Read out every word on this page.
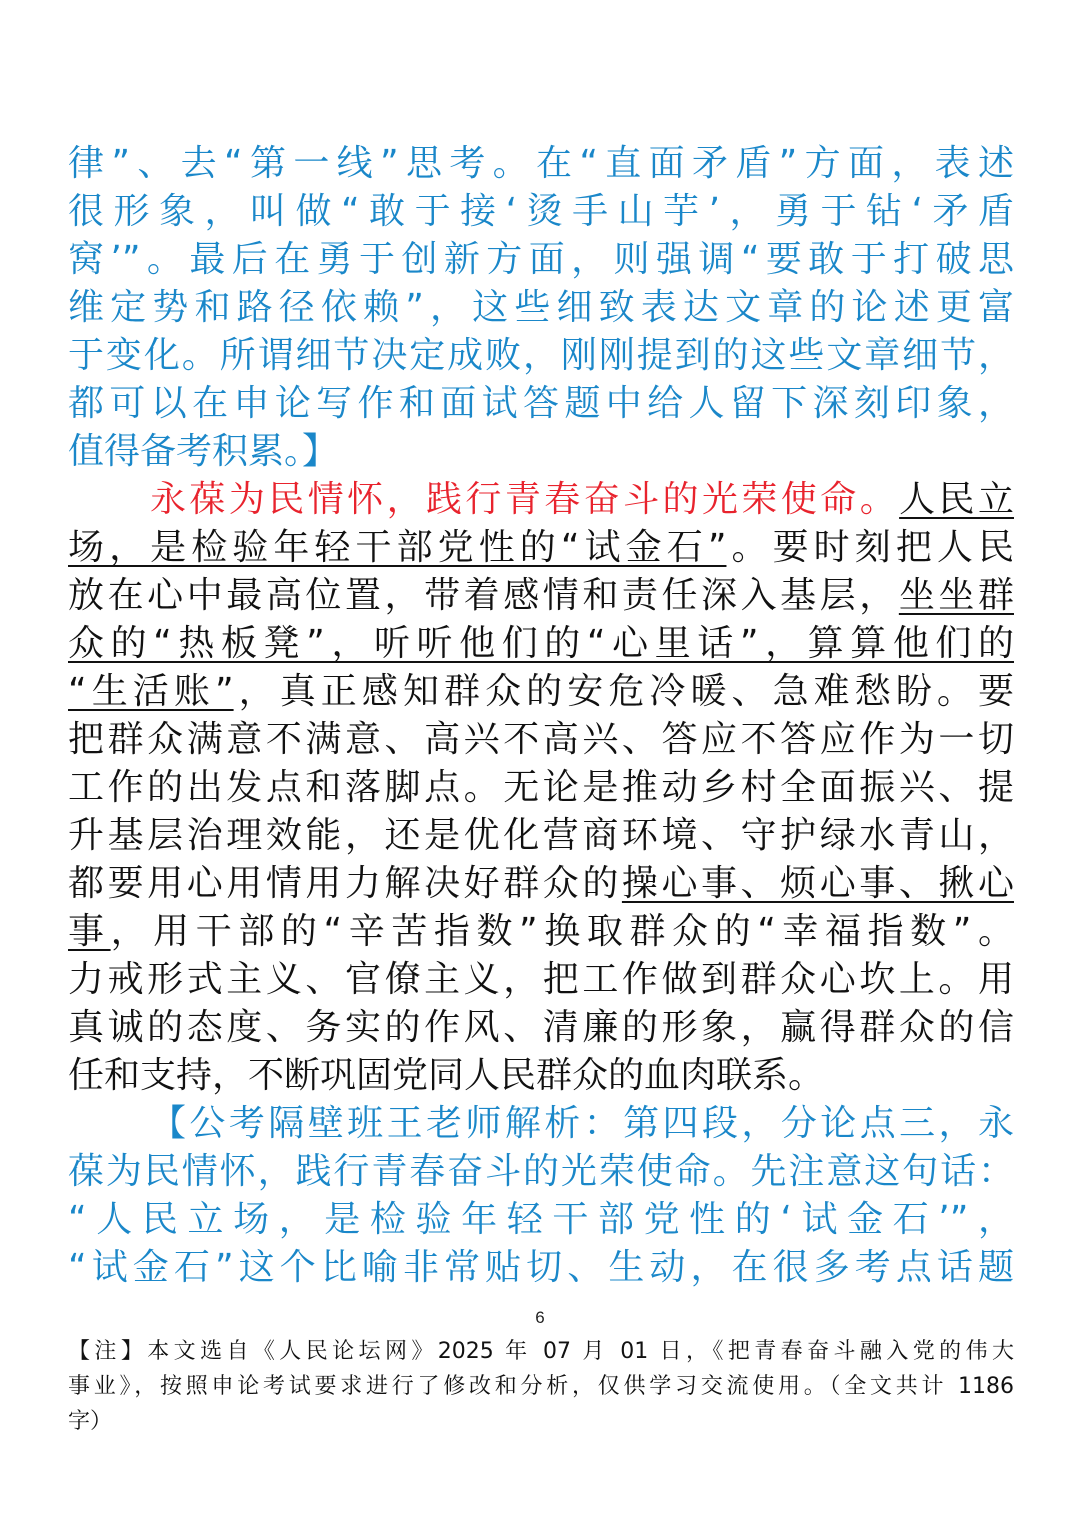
律”、去“第一线”思考。在“直面矛盾”方面，表述
很形象，叫做“敢于接‘烫手山芋’，勇于钻‘矛盾
窝’”。最后在勇于创新方面，则强调“要敢于打破思
维定势和路径依赖”，这些细致表达文章的论述更富
于变化。所谓细节决定成败，刚刚提到的这些文章细节，
都可以在申论写作和面试答题中给人留下深刻印象，
值得备考积累。】
永葆为民情怀，践行青春奋斗的光荣使命。人民立
场，是检验年轻干部党性的“试金石”。要时刻把人民
放在心中最高位置，带着感情和责任深入基层，坐坐群
众的“热板凳”，听听他们的“心里话”，算算他们的
“生活账”，真正感知群众的安危冷暖、急难愁盼。要
把群众满意不满意、高兴不高兴、答应不答应作为一切
工作的出发点和落脚点。无论是推动乡村全面振兴、提
升基层治理效能，还是优化营商环境、守护绿水青山，
都要用心用情用力解决好群众的操心事、烦心事、揪心
事，用干部的“辛苦指数”换取群众的“幸福指数”。
力戒形式主义、官僚主义，把工作做到群众心坎上。用
真诚的态度、务实的作风、清廉的形象，赢得群众的信
任和支持，不断巩固党同人民群众的血肉联系。
【公考隔壁班王老师解析：第四段，分论点三，永
葆为民情怀，践行青春奋斗的光荣使命。先注意这句话：
“人民立场，是检验年轻干部党性的‘试金石’”，
“试金石”这个比喻非常贴切、生动，在很多考点话题
6
【注】本文选自《人民论坛网》2025 年 07 月 01 日，《把青春奋斗融入党的伟大
事业》，按照申论考试要求进行了修改和分析，仅供学习交流使用。（全文共计 1186
字）
